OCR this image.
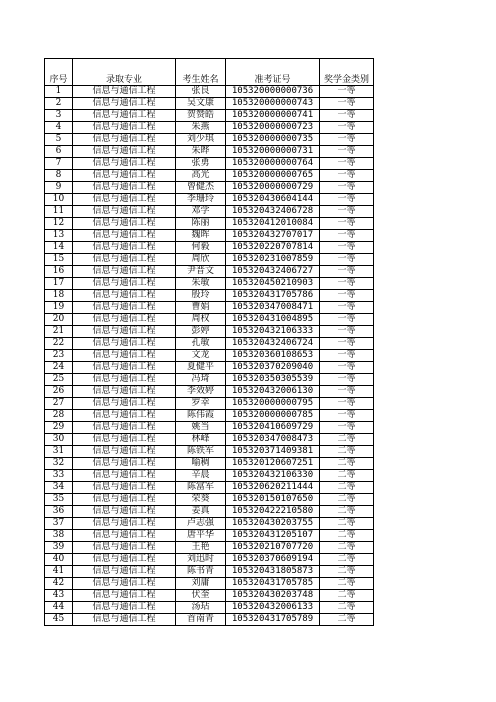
序号	录取专业	考生姓名	准考证号	奖学金类别
1	信息与通信工程	张良	105320000000736	一等
2	信息与通信工程	吴文康	105320000000743	一等
3	信息与通信工程	贺赞皓	105320000000741	一等
4	信息与通信工程	朱燕	105320000000723	一等
5	信息与通信工程	刘少琪	105320000000735	一等
6	信息与通信工程	朱晔	105320000000731	一等
7	信息与通信工程	张勇	105320000000764	一等
8	信息与通信工程	高光	105320000000765	一等
9	信息与通信工程	曾健杰	105320000000729	一等
10	信息与通信工程	李珊玲	105320430604144	一等
11	信息与通信工程	邓学	105320432406728	一等
12	信息与通信工程	陈丽	105320412010084	一等
13	信息与通信工程	魏晖	105320432707017	一等
14	信息与通信工程	何毅	105320220707814	一等
15	信息与通信工程	周欣	105320231007859	一等
16	信息与通信工程	尹晋文	105320432406727	一等
17	信息与通信工程	朱敏	105320450210903	一等
18	信息与通信工程	殷玲	105320431705786	一等
19	信息与通信工程	曹娟	105320347008471	一等
20	信息与通信工程	周权	105320431004895	一等
21	信息与通信工程	彭婷	105320432106333	一等
22	信息与通信工程	孔敏	105320432406724	一等
23	信息与通信工程	文龙	105320360108653	一等
24	信息与通信工程	夏健平	105320370209040	一等
25	信息与通信工程	冯琦	105320350305539	一等
26	信息与通信工程	李效婷	105320432006130	一等
27	信息与通信工程	罗幸	105320000000795	一等
28	信息与通信工程	陈伟霞	105320000000785	一等
29	信息与通信工程	姚当	105320410609729	一等
30	信息与通信工程	林峰	105320347008473	二等
31	信息与通信工程	陈铁军	105320371409381	二等
32	信息与通信工程	喻稠	105320120607251	二等
33	信息与通信工程	辛晨	105320432106330	二等
34	信息与通信工程	陈富军	105320620211444	二等
35	信息与通信工程	荣葵	105320150107650	二等
36	信息与通信工程	姜真	105320422210580	二等
37	信息与通信工程	卢志强	105320430203755	二等
38	信息与通信工程	唐平华	105320431205107	二等
39	信息与通信工程	王艳	105320210707720	二等
40	信息与通信工程	刘迅时	105320370609194	二等
41	信息与通信工程	陈书青	105320431805873	二等
42	信息与通信工程	刘庸	105320431705785	二等
43	信息与通信工程	伏奎	105320430203748	二等
44	信息与通信工程	汤玷	105320432006133	二等
45	信息与通信工程	首南青	105320431705789	二等
